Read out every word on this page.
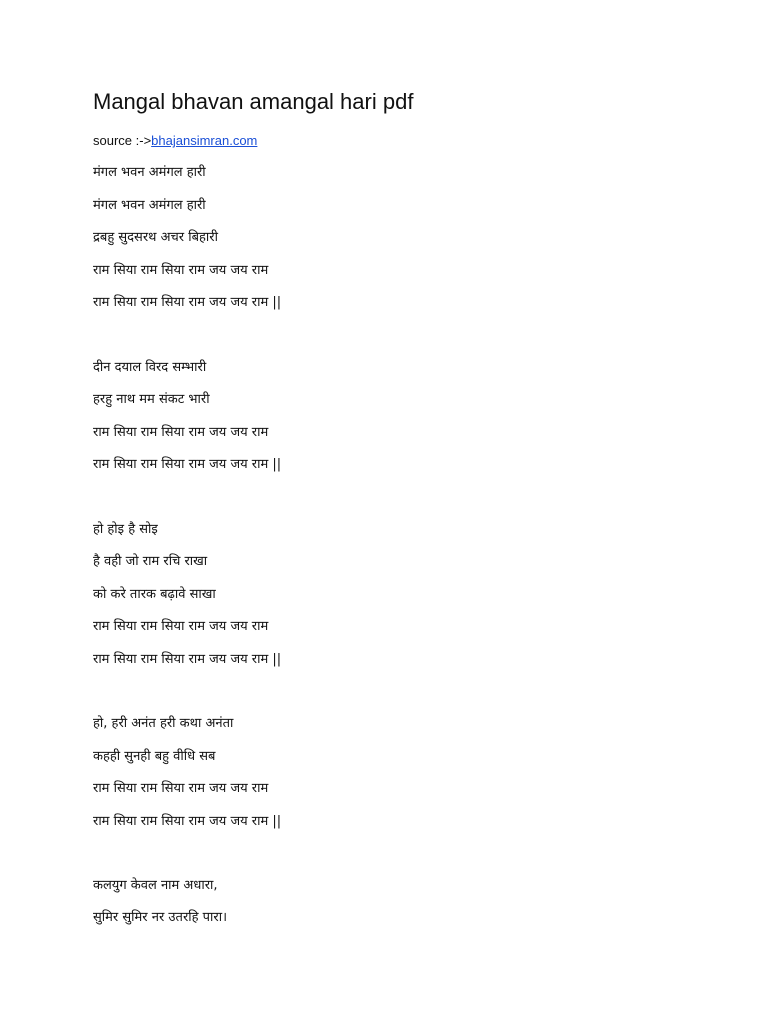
Mangal bhavan amangal hari pdf
source :->bhajansimran.com
मंगल भवन अमंगल हारी
मंगल भवन अमंगल हारी
द्रबहु सुदसरथ अचर बिहारी
राम सिया राम सिया राम जय जय राम
राम सिया राम सिया राम जय जय राम ||
दीन दयाल विरद सम्भारी
हरहु नाथ मम संकट भारी
राम सिया राम सिया राम जय जय राम
राम सिया राम सिया राम जय जय राम ||
हो होइ है सोइ
है वही जो राम रचि राखा
को करे तारक बढ़ावे साखा
राम सिया राम सिया राम जय जय राम
राम सिया राम सिया राम जय जय राम ||
हो, हरी अनंत हरी कथा अनंता
कहही सुनही बहु वीधि सब
राम सिया राम सिया राम जय जय राम
राम सिया राम सिया राम जय जय राम ||
कलयुग केवल नाम अधारा,
सुमिर सुमिर नर उतरहि पारा।
